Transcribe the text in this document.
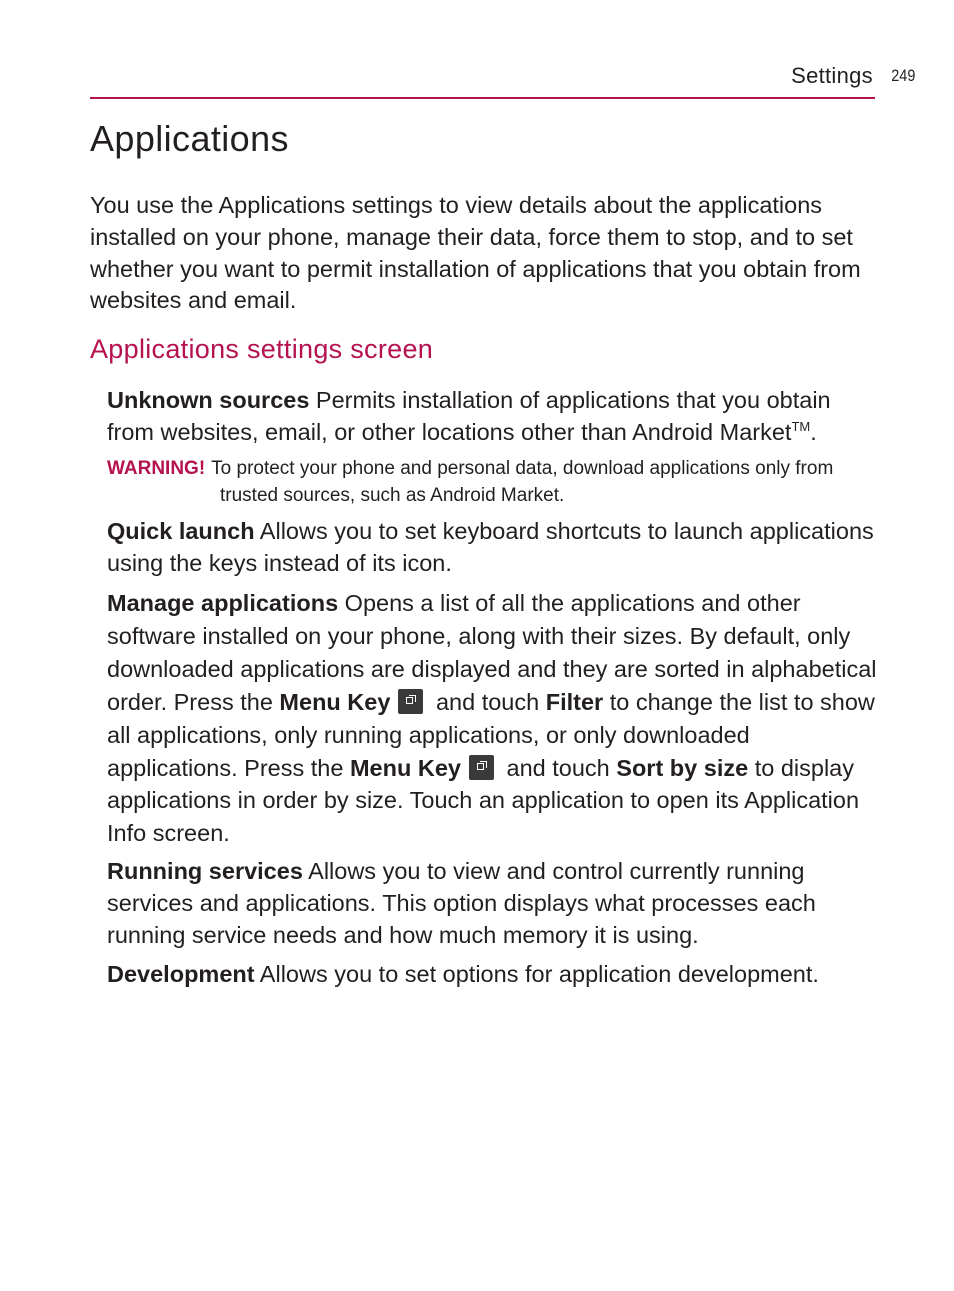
Settings 249
Applications

You use the Applications settings to view details about the applications installed on your phone, manage their data, force them to stop, and to set whether you want to permit installation of applications that you obtain from websites and email.

Applications settings screen

Unknown sources Permits installation of applications that you obtain from websites, email, or other locations other than Android Market™.

WARNING! To protect your phone and personal data, download applications only from trusted sources, such as Android Market.

Quick launch Allows you to set keyboard shortcuts to launch applications using the keys instead of its icon.

Manage applications Opens a list of all the applications and other software installed on your phone, along with their sizes. By default, only downloaded applications are displayed and they are sorted in alphabetical order. Press the Menu Key and touch Filter to change the list to show all applications, only running applications, or only downloaded applications. Press the Menu Key and touch Sort by size to display applications in order by size. Touch an application to open its Application Info screen.

Running services Allows you to view and control currently running services and applications. This option displays what processes each running service needs and how much memory it is using.

Development Allows you to set options for application development.
